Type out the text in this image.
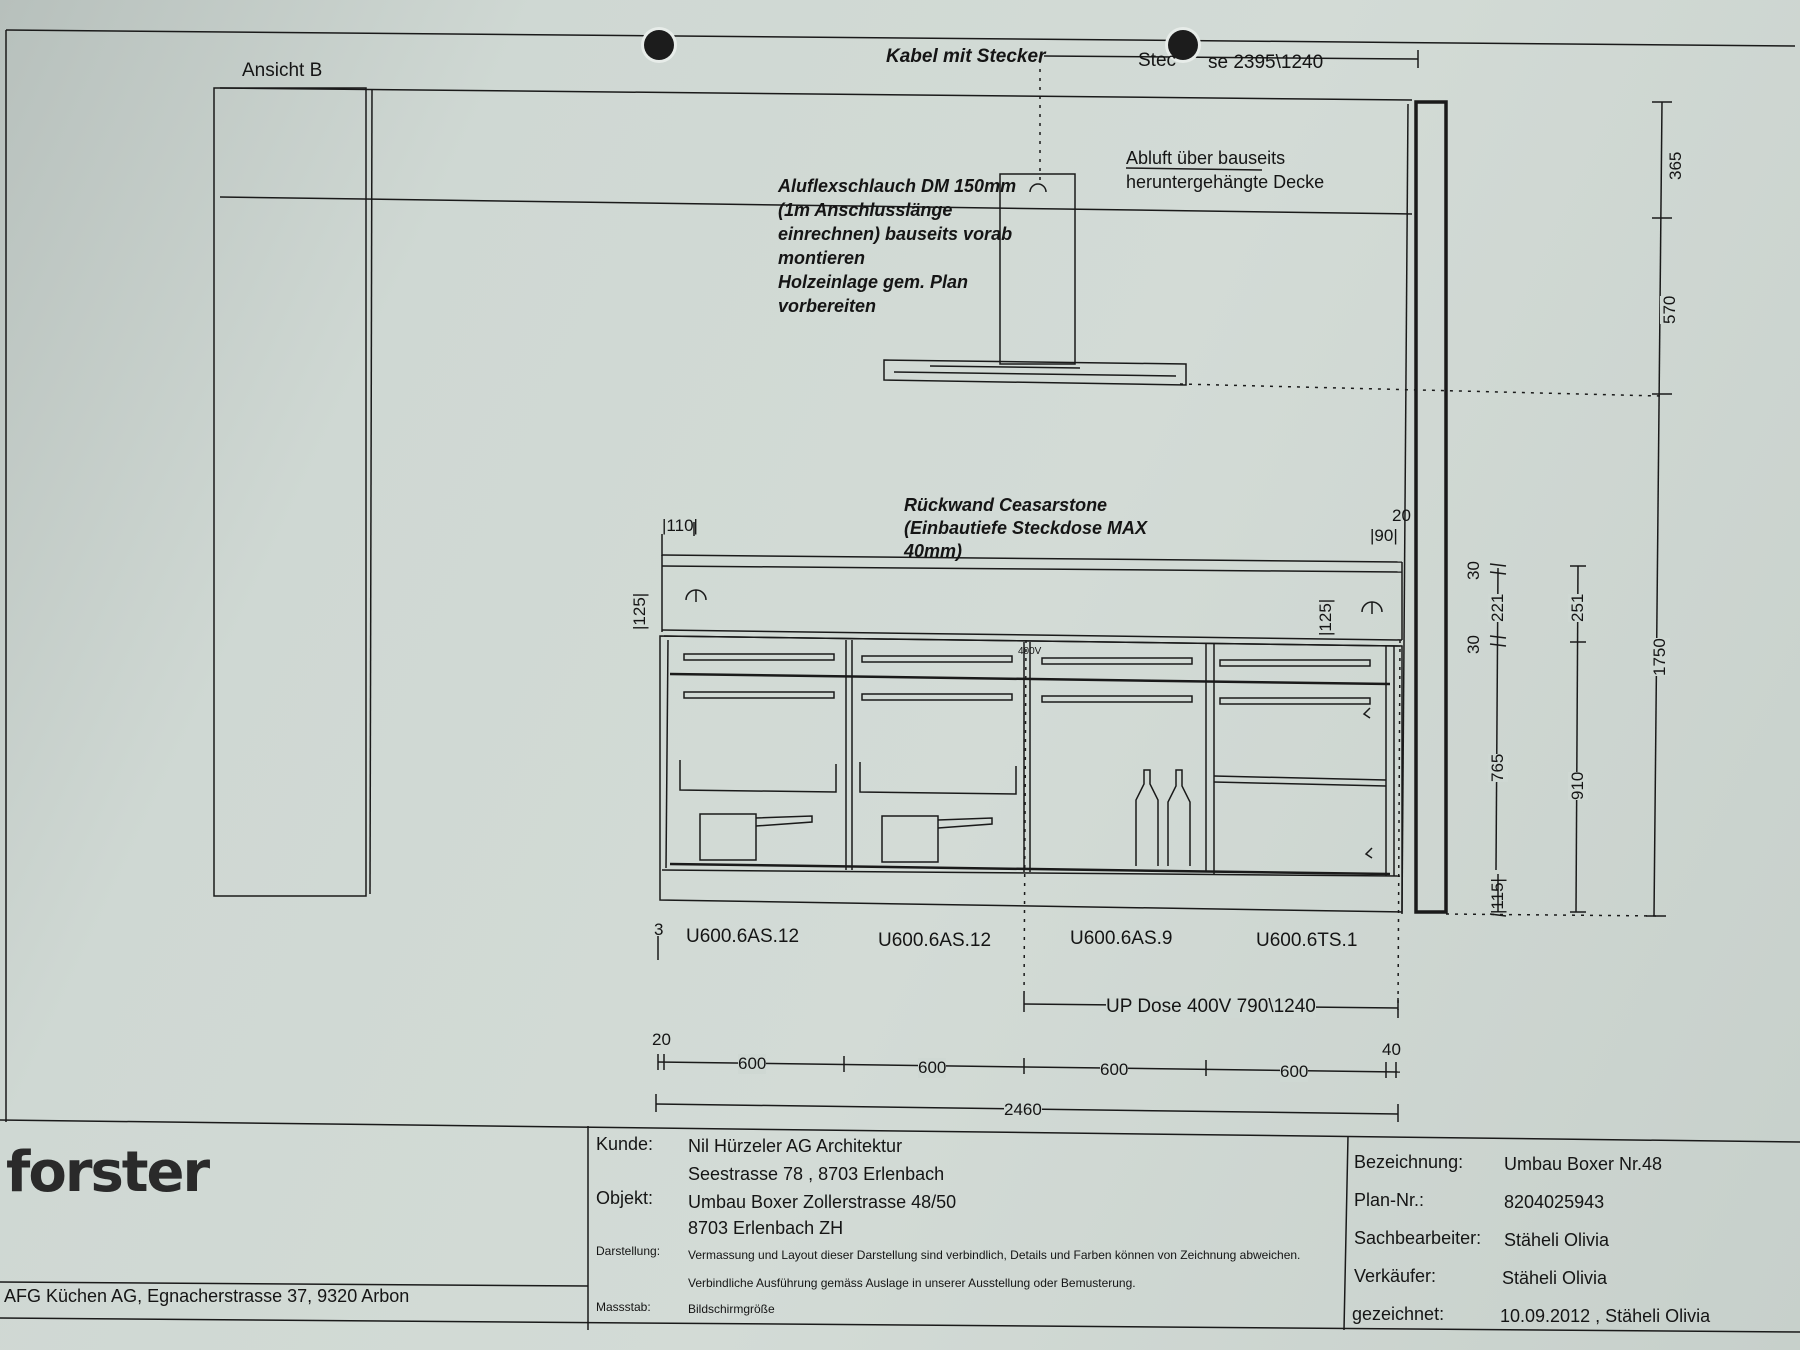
Ansicht B
Kabel mit Stecker	Stec se 2395\1240
Abluft über bauseits
heruntergehängte Decke
Aluflexschlauch DM 150mm
(1m Anschlusslänge
einrechnen) bauseits vorab
montieren
Holzeinlage gem. Plan
vorbereiten
Rückwand Ceasarstone
(Einbautiefe Steckdose MAX
40mm)
|110|
|125|	|125|
20
|90|
400V
30
30
221
765
|115|
251
910
365
570
1750
U600.6AS.12	U600.6AS.12	U600.6AS.9	U600.6TS.1
3
UP Dose 400V 790\1240
20
40
600	600	600	600
2460
forster
AFG Küchen AG, Egnacherstrasse 37, 9320 Arbon
Kunde: Nil Hürzeler AG Architektur
Seestrasse 78 , 8703 Erlenbach
Objekt: Umbau Boxer Zollerstrasse 48/50
8703 Erlenbach ZH
Darstellung: Vermassung und Layout dieser Darstellung sind verbindlich, Details und Farben können von Zeichnung abweichen.
Verbindliche Ausführung gemäss Auslage in unserer Ausstellung oder Bemusterung.
Massstab:	Bildschirmgröße
Bezeichnung: Umbau Boxer Nr.48
Plan-Nr.:	8204025943
Sachbearbeiter: Stäheli Olivia
Verkäufer:	Stäheli Olivia
gezeichnet:	10.09.2012 , Stäheli Olivia
